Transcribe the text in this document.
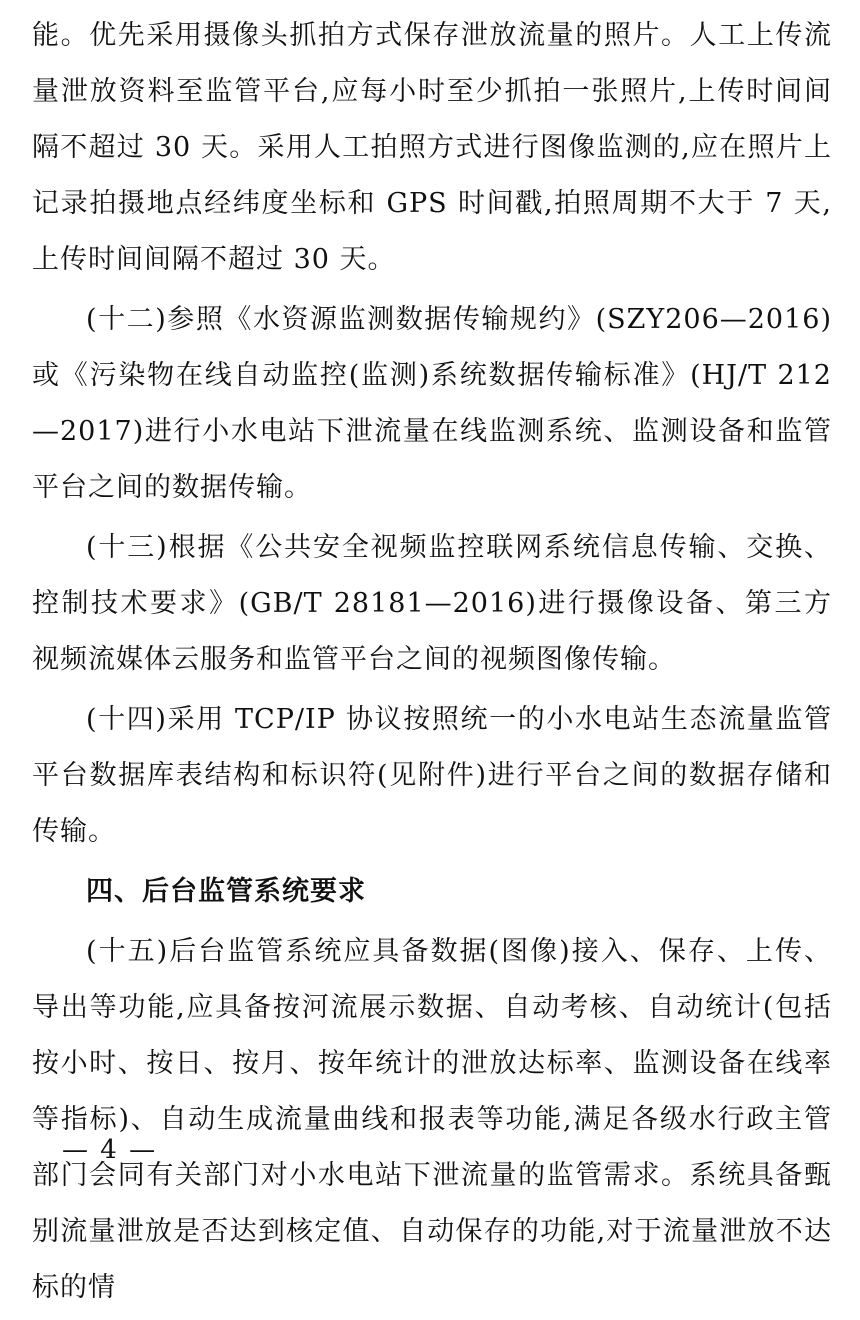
能。优先采用摄像头抓拍方式保存泄放流量的照片。人工上传流量泄放资料至监管平台,应每小时至少抓拍一张照片,上传时间间隔不超过 30 天。采用人工拍照方式进行图像监测的,应在照片上记录拍摄地点经纬度坐标和 GPS 时间戳,拍照周期不大于 7 天,上传时间间隔不超过 30 天。

(十二)参照《水资源监测数据传输规约》(SZY206—2016)或《污染物在线自动监控(监测)系统数据传输标准》(HJ/T 212—2017)进行小水电站下泄流量在线监测系统、监测设备和监管平台之间的数据传输。

(十三)根据《公共安全视频监控联网系统信息传输、交换、控制技术要求》(GB/T 28181—2016)进行摄像设备、第三方视频流媒体云服务和监管平台之间的视频图像传输。

(十四)采用 TCP/IP 协议按照统一的小水电站生态流量监管平台数据库表结构和标识符(见附件)进行平台之间的数据存储和传输。

四、后台监管系统要求

(十五)后台监管系统应具备数据(图像)接入、保存、上传、导出等功能,应具备按河流展示数据、自动考核、自动统计(包括按小时、按日、按月、按年统计的泄放达标率、监测设备在线率等指标)、自动生成流量曲线和报表等功能,满足各级水行政主管部门会同有关部门对小水电站下泄流量的监管需求。系统具备甄别流量泄放是否达到核定值、自动保存的功能,对于流量泄放不达标的情

— 4 —
